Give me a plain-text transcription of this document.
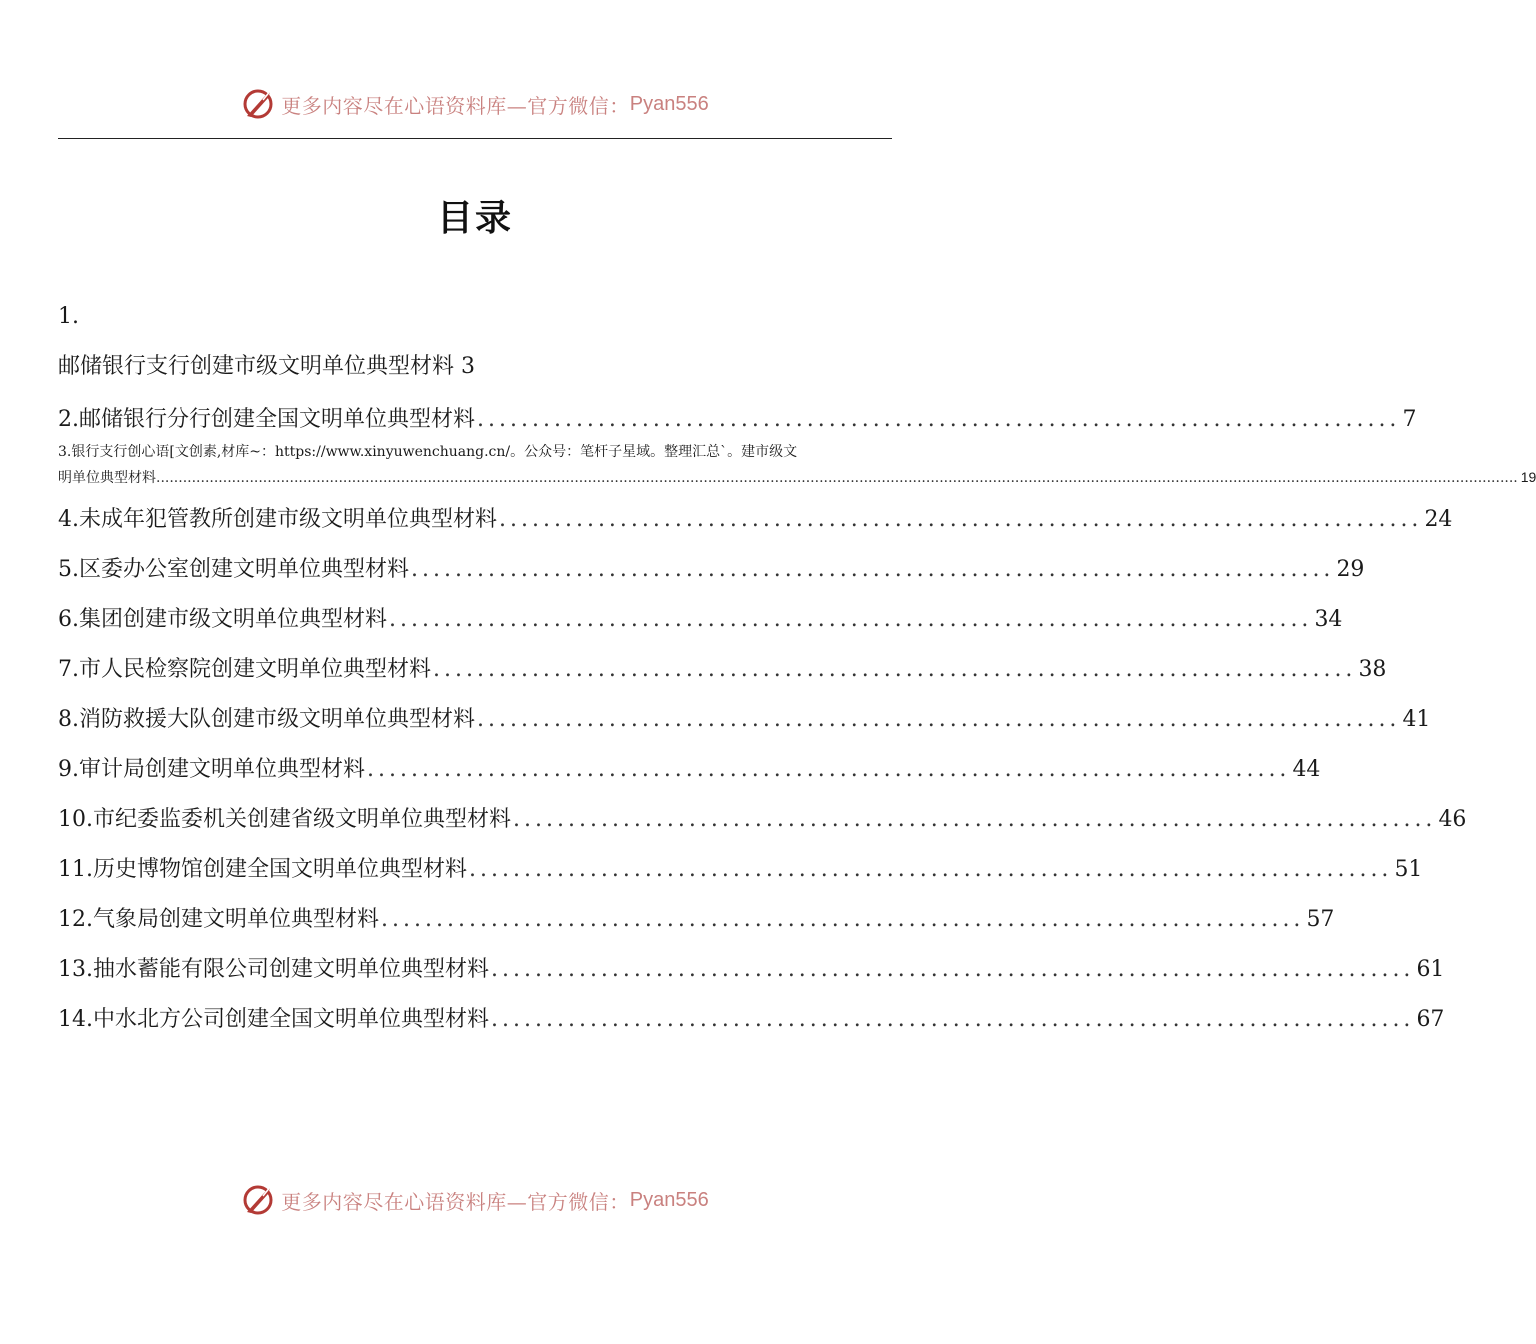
更多内容尽在心语资料库—官方微信： Pyan556
目录
1.
邮储银行支行创建市级文明单位典型材料 3
2.邮储银行分行创建全国文明单位典型材料 .................................................................................... 7
3.银行支行创心语[文创素,材库~：https://www.xinyuwenchuang.cn/。公众号：笔杆子星域。整理汇总`。建市级文
明单位典型材料 .................................................................................................................................................................................................................................................................................................................. 19
4.未成年犯管教所创建市级文明单位典型材料 .................................................................................... 24
5.区委办公室创建文明单位典型材料 .................................................................................... 29
6.集团创建市级文明单位典型材料 .................................................................................... 34
7.市人民检察院创建文明单位典型材料 .................................................................................... 38
8.消防救援大队创建市级文明单位典型材料 .................................................................................... 41
9.审计局创建文明单位典型材料 .................................................................................... 44
10.市纪委监委机关创建省级文明单位典型材料 .................................................................................... 46
11.历史博物馆创建全国文明单位典型材料 .................................................................................... 51
12.气象局创建文明单位典型材料 .................................................................................... 57
13.抽水蓄能有限公司创建文明单位典型材料 .................................................................................... 61
14.中水北方公司创建全国文明单位典型材料 .................................................................................... 67
更多内容尽在心语资料库—官方微信： Pyan556
